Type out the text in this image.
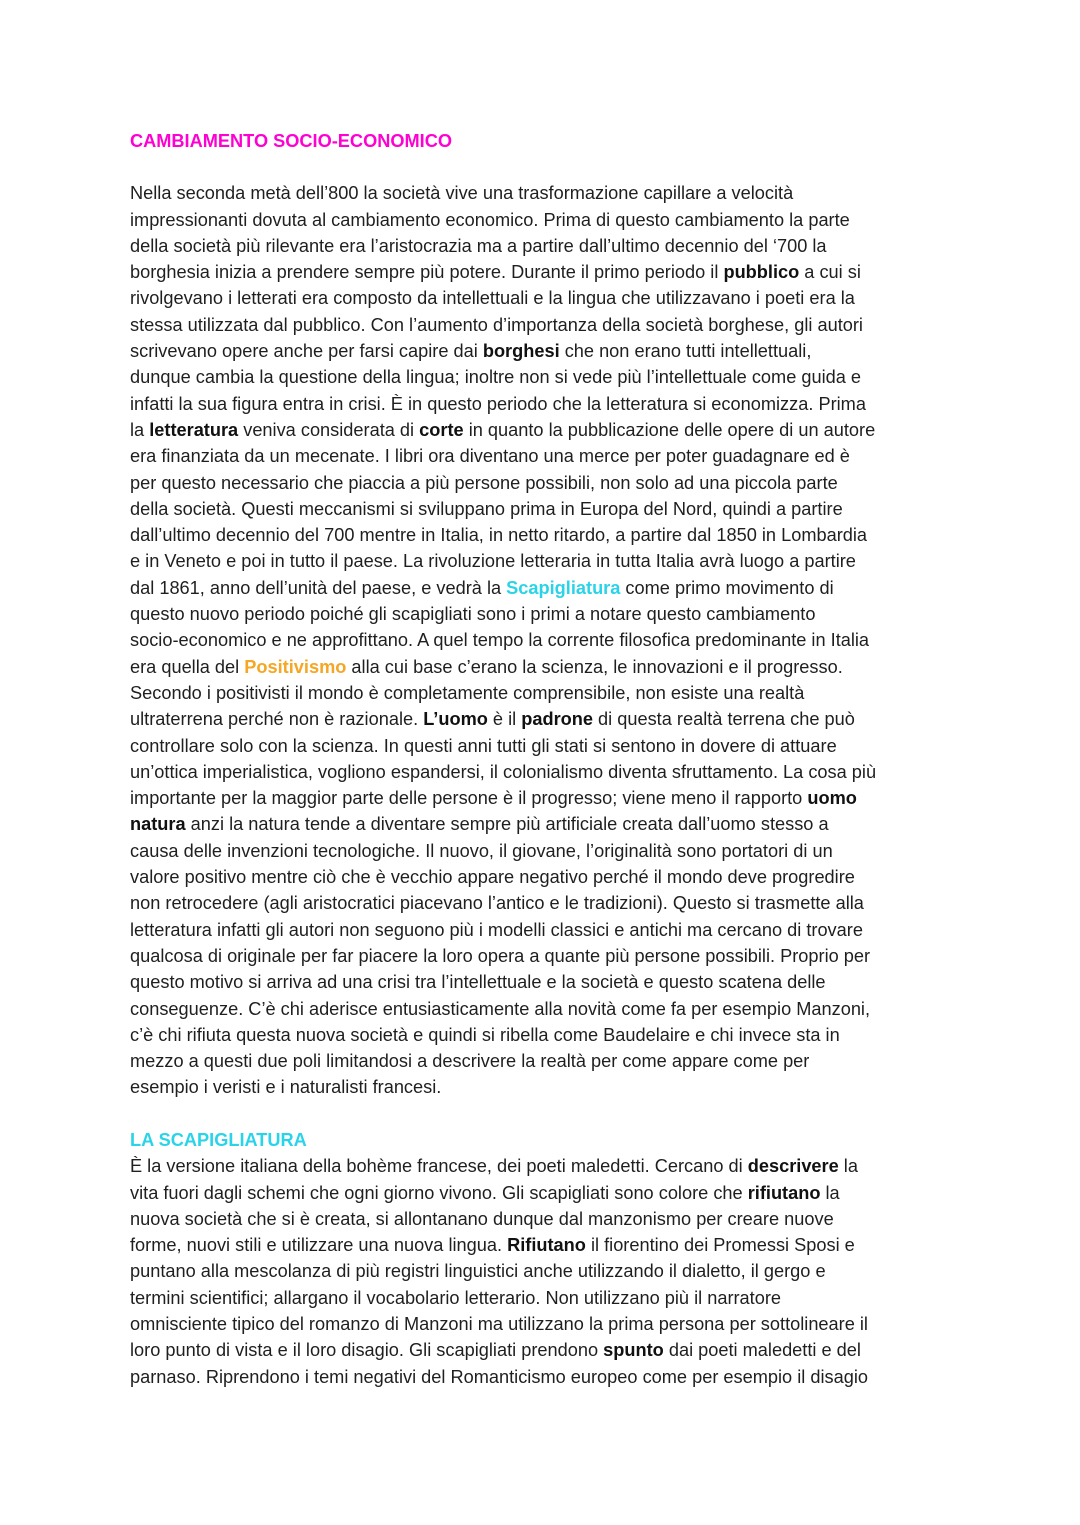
CAMBIAMENTO SOCIO-ECONOMICO
Nella seconda metà dell’800 la società vive una trasformazione capillare a velocità
impressionanti dovuta al cambiamento economico. Prima di questo cambiamento la parte
della società più rilevante era l’aristocrazia ma a partire dall’ultimo decennio del ‘700 la
borghesia inizia a prendere sempre più potere. Durante il primo periodo il pubblico a cui si
rivolgevano i letterati era composto da intellettuali e la lingua che utilizzavano i poeti era la
stessa utilizzata dal pubblico. Con l’aumento d’importanza della società borghese, gli autori
scrivevano opere anche per farsi capire dai borghesi che non erano tutti intellettuali,
dunque cambia la questione della lingua; inoltre non si vede più l’intellettuale come guida e
infatti la sua figura entra in crisi. È in questo periodo che la letteratura si economizza. Prima
la letteratura veniva considerata di corte in quanto la pubblicazione delle opere di un autore
era finanziata da un mecenate. I libri ora diventano una merce per poter guadagnare ed è
per questo necessario che piaccia a più persone possibili, non solo ad una piccola parte
della società. Questi meccanismi si sviluppano prima in Europa del Nord, quindi a partire
dall’ultimo decennio del 700 mentre in Italia, in netto ritardo, a partire dal 1850 in Lombardia
e in Veneto e poi in tutto il paese. La rivoluzione letteraria in tutta Italia avrà luogo a partire
dal 1861, anno dell’unità del paese, e vedrà la Scapigliatura come primo movimento di
questo nuovo periodo poiché gli scapigliati sono i primi a notare questo cambiamento
socio-economico e ne approfittano. A quel tempo la corrente filosofica predominante in Italia
era quella del Positivismo alla cui base c’erano la scienza, le innovazioni e il progresso.
Secondo i positivisti il mondo è completamente comprensibile, non esiste una realtà
ultraterrena perché non è razionale. L’uomo è il padrone di questa realtà terrena che può
controllare solo con la scienza. In questi anni tutti gli stati si sentono in dovere di attuare
un’ottica imperialistica, vogliono espandersi, il colonialismo diventa sfruttamento. La cosa più
importante per la maggior parte delle persone è il progresso; viene meno il rapporto uomo
natura anzi la natura tende a diventare sempre più artificiale creata dall’uomo stesso a
causa delle invenzioni tecnologiche. Il nuovo, il giovane, l’originalità sono portatori di un
valore positivo mentre ciò che è vecchio appare negativo perché il mondo deve progredire
non retrocedere (agli aristocratici piacevano l’antico e le tradizioni). Questo si trasmette alla
letteratura infatti gli autori non seguono più i modelli classici e antichi ma cercano di trovare
qualcosa di originale per far piacere la loro opera a quante più persone possibili. Proprio per
questo motivo si arriva ad una crisi tra l’intellettuale e la società e questo scatena delle
conseguenze. C’è chi aderisce entusiasticamente alla novità come fa per esempio Manzoni,
c’è chi rifiuta questa nuova società e quindi si ribella come Baudelaire e chi invece sta in
mezzo a questi due poli limitandosi a descrivere la realtà per come appare come per
esempio i veristi e i naturalisti francesi.
LA SCAPIGLIATURA
È la versione italiana della bohème francese, dei poeti maledetti. Cercano di descrivere la
vita fuori dagli schemi che ogni giorno vivono. Gli scapigliati sono colore che rifiutano la
nuova società che si è creata, si allontanano dunque dal manzonismo per creare nuove
forme, nuovi stili e utilizzare una nuova lingua. Rifiutano il fiorentino dei Promessi Sposi e
puntano alla mescolanza di più registri linguistici anche utilizzando il dialetto, il gergo e
termini scientifici; allargano il vocabolario letterario. Non utilizzano più il narratore
omnisciente tipico del romanzo di Manzoni ma utilizzano la prima persona per sottolineare il
loro punto di vista e il loro disagio. Gli scapigliati prendono spunto dai poeti maledetti e del
parnaso. Riprendono i temi negativi del Romanticismo europeo come per esempio il disagio
